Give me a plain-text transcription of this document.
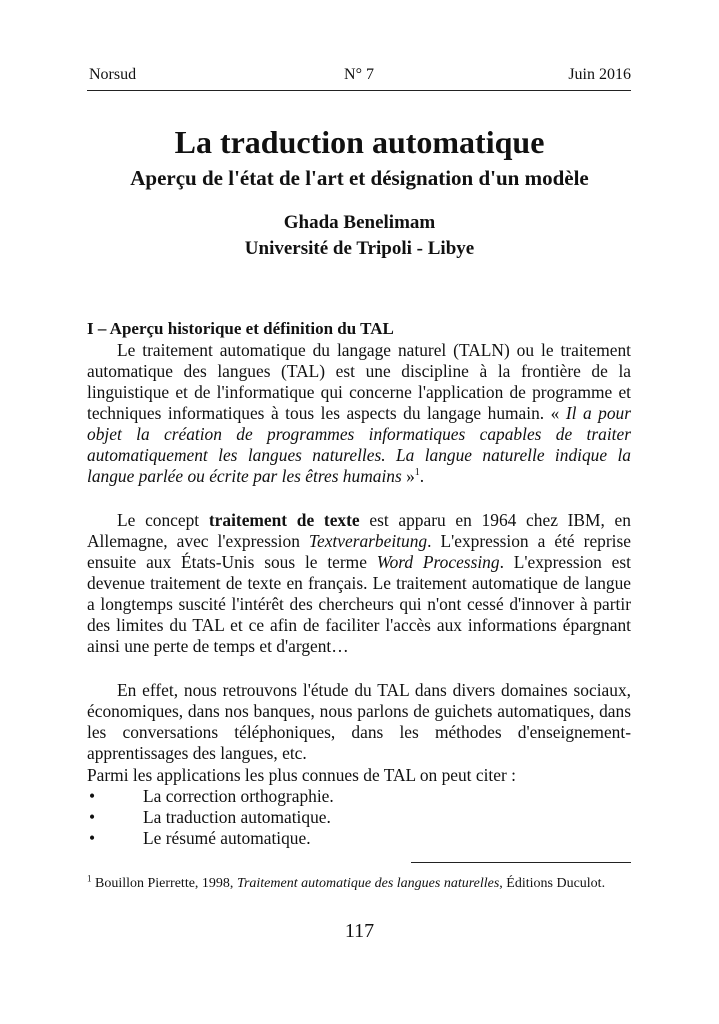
Norsud	N° 7	Juin 2016
La traduction automatique
Aperçu de l'état de l'art et désignation d'un modèle
Ghada Benelimam
Université de Tripoli - Libye
I – Aperçu historique et définition du TAL

Le traitement automatique du langage naturel (TALN) ou le traitement automatique des langues (TAL) est une discipline à la frontière de la linguistique et de l'informatique qui concerne l'application de programme et techniques informatiques à tous les aspects du langage humain. « Il a pour objet la création de programmes informatiques capables de traiter automatiquement les langues naturelles. La langue naturelle indique la langue parlée ou écrite par les êtres humains »$^1$.

Le concept traitement de texte est apparu en 1964 chez IBM, en Allemagne, avec l'expression Textverarbeitung. L'expression a été reprise ensuite aux États-Unis sous le terme Word Processing. L'expression est devenue traitement de texte en français. Le traitement automatique de langue a longtemps suscité l'intérêt des chercheurs qui n'ont cessé d'innover à partir des limites du TAL et ce afin de faciliter l'accès aux informations épargnant ainsi une perte de temps et d'argent…

En effet, nous retrouvons l'étude du TAL dans divers domaines sociaux, économiques, dans nos banques, nous parlons de guichets automatiques, dans les conversations téléphoniques, dans les méthodes d'enseignement-apprentissages des langues, etc.

Parmi les applications les plus connues de TAL on peut citer :

• La correction orthographie.
• La traduction automatique.
• Le résumé automatique.
$^1$ Bouillon Pierrette, 1998, Traitement automatique des langues naturelles, Éditions Duculot.
117
